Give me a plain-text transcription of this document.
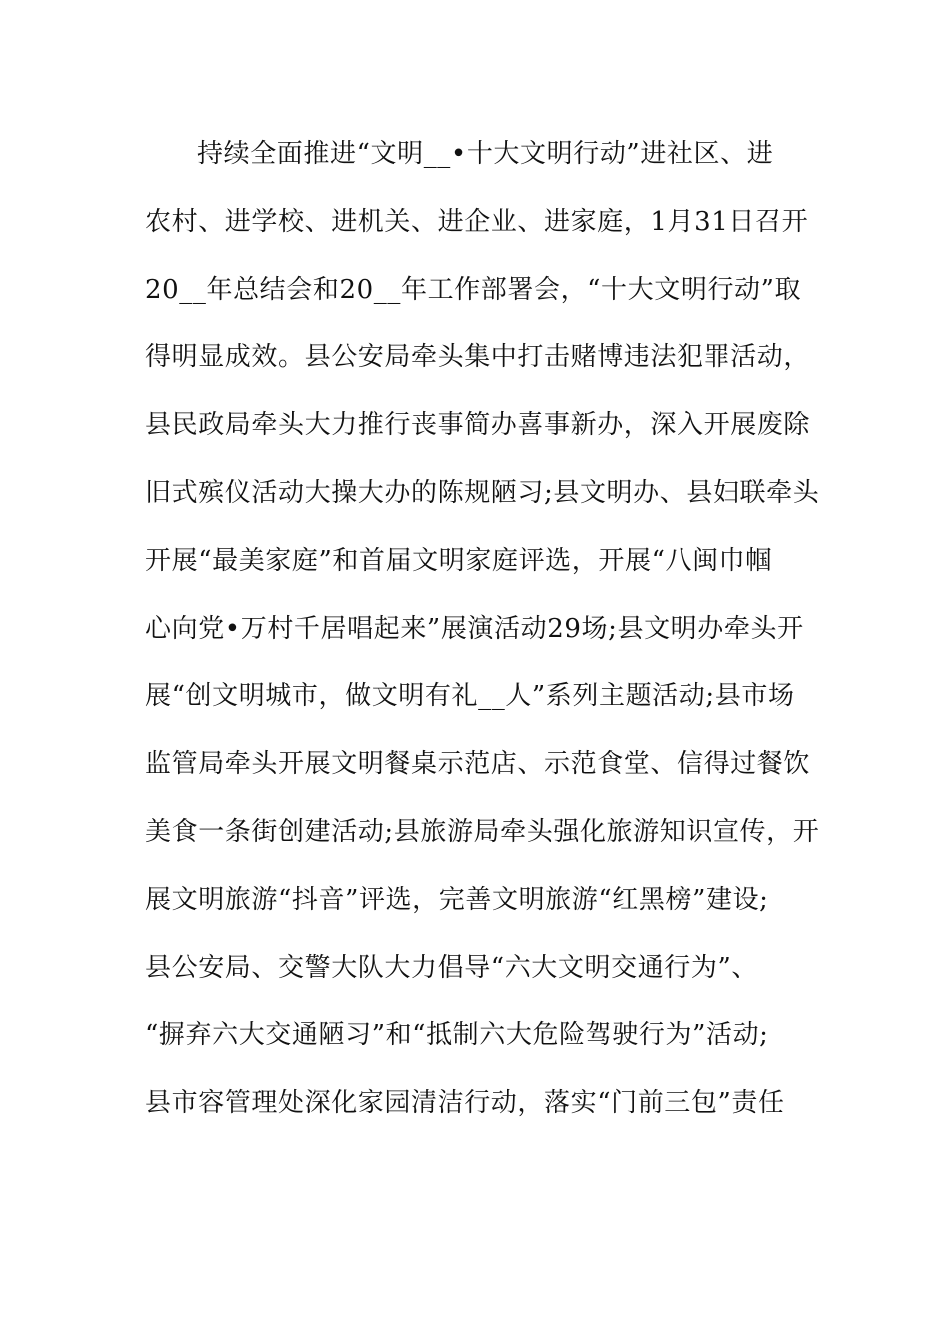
持续全面推进“文明__•十大文明行动”进社区、进
农村、进学校、进机关、进企业、进家庭，1月31日召开
20__年总结会和20__年工作部署会，“十大文明行动”取
得明显成效。县公安局牵头集中打击赌博违法犯罪活动，
县民政局牵头大力推行丧事简办喜事新办，深入开展废除
旧式殡仪活动大操大办的陈规陋习;县文明办、县妇联牵头
开展“最美家庭”和首届文明家庭评选，开展“八闽巾帼
心向党•万村千居唱起来”展演活动29场;县文明办牵头开
展“创文明城市，做文明有礼__人”系列主题活动;县市场
监管局牵头开展文明餐桌示范店、示范食堂、信得过餐饮
美食一条街创建活动;县旅游局牵头强化旅游知识宣传，开
展文明旅游“抖音”评选，完善文明旅游“红黑榜”建设;
县公安局、交警大队大力倡导“六大文明交通行为”、
“摒弃六大交通陋习”和“抵制六大危险驾驶行为”活动;
县市容管理处深化家园清洁行动，落实“门前三包”责任
